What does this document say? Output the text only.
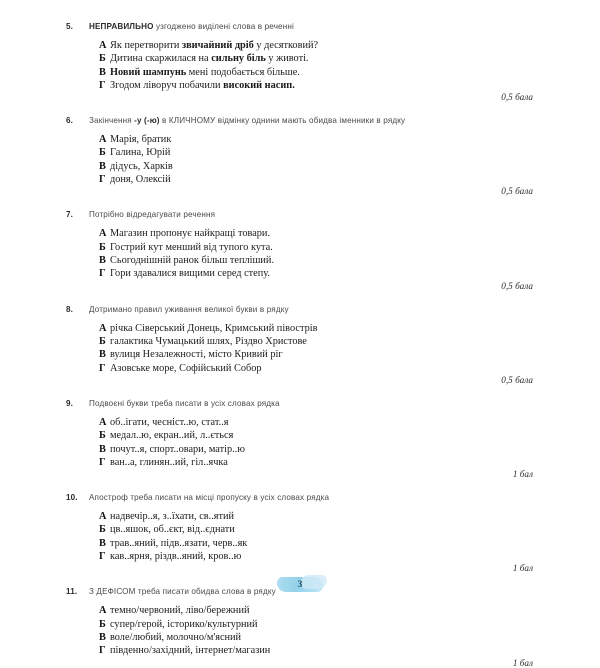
5.	НЕПРАВИЛЬНО узгоджено виділені слова в реченні
А Як перетворити звичайний дріб у десятковий?
Б Дитина скаржилася на сильну біль у животі.
В Новий шампунь мені подобається більше.
Г Згодом ліворуч побачили високий насип.
0,5 бала
6.	Закінчення -у (-ю) в КЛИЧНОМУ відмінку однини мають обидва іменники в рядку
А Марія, братик
Б Галина, Юрій
В дідусь, Харків
Г доня, Олексій
0,5 бала
7.	Потрібно відредагувати речення
А Магазин пропонує найкращі товари.
Б Гострий кут менший від тупого кута.
В Сьогоднішній ранок більш тепліший.
Г Гори здавалися вищими серед степу.
0,5 бала
8.	Дотримано правил уживання великої букви в рядку
А річка Сіверський Донець, Кримський півострів
Б галактика Чумацький шлях, Різдво Христове
В вулиця Незалежності, місто Кривий ріг
Г Азовське море, Софійський Собор
0,5 бала
9.	Подвоєні букви треба писати в усіх словах рядка
А об..ігати, чесніст..ю, стат..я
Б медал..ю, екран..ий, л..ється
В почут..я, спорт..овари, матір..ю
Г ван..а, глинян..ий, гіл..ячка
1 бал
10.	Апостроф треба писати на місці пропуску в усіх словах рядка
А надвечір..я, з..їхати, св..ятий
Б цв..яшок, об..єкт, від..єднати
В трав..яний, підв..язати, черв..як
Г кав..ярня, різдв..яний, кров..ю
1 бал
11.	З ДЕФІСОМ треба писати обидва слова в рядку
А темно/червоний, ліво/бережний
Б супер/герой, історико/культурний
В воле/любий, молочно/м'ясний
Г південно/західний, інтернет/магазин
1 бал
3
